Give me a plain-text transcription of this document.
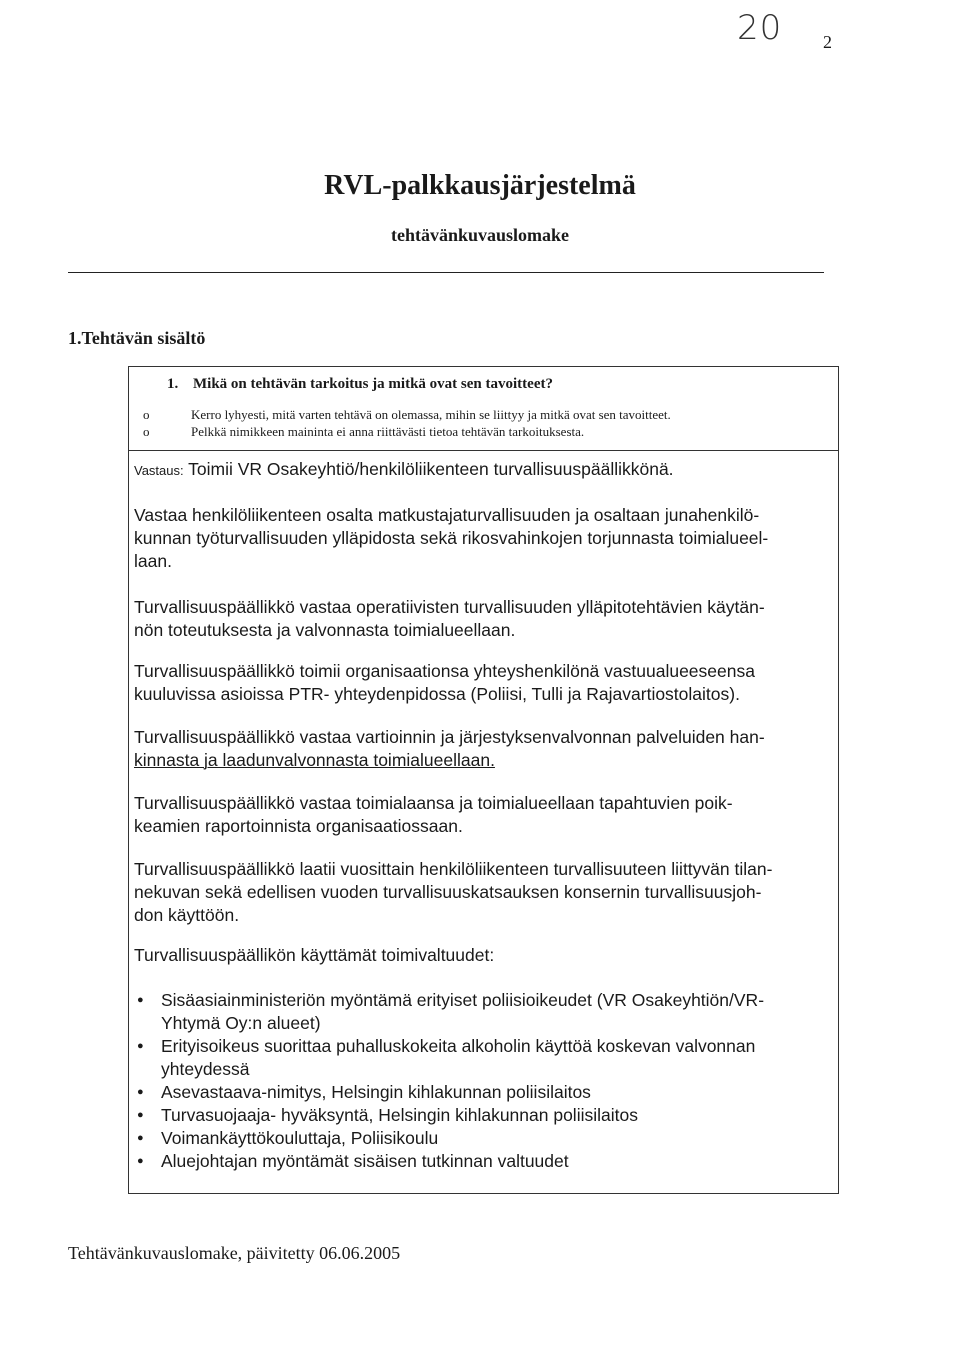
20 2
RVL-palkkausjärjestelmä
tehtävänkuvauslomake
1.Tehtävän sisältö
1. Mikä on tehtävän tarkoitus ja mitkä ovat sen tavoitteet?
o	Kerro lyhyesti, mitä varten tehtävä on olemassa, mihin se liittyy ja mitkä ovat sen tavoitteet.
o	Pelkkä nimikkeen maininta ei anna riittävästi tietoa tehtävän tarkoituksesta.
Vastaus: Toimii VR Osakeyhtiö/henkilöliikenteen turvallisuuspäällikkönä.

Vastaa henkilöliikenteen osalta matkustajaturvallisuuden ja osaltaan junahenkilö-
kunnan työturvallisuuden ylläpidosta sekä rikosvahinkojen torjunnasta toimialueel-
laan.

Turvallisuuspäällikkö vastaa operatiivisten turvallisuuden ylläpitotehtävien käytän-
nön toteutuksesta ja valvonnasta toimialueellaan.

Turvallisuuspäällikkö toimii organisaationsa yhteyshenkilönä vastuualueeseensa
kuuluvissa asioissa PTR- yhteydenpidossa (Poliisi, Tulli ja Rajavartiostolaitos).

Turvallisuuspäällikkö vastaa vartioinnin ja järjestyksenvalvonnan palveluiden han-
kinnasta ja laadunvalvonnasta toimialueellaan.

Turvallisuuspäällikkö vastaa toimialaansa ja toimialueellaan tapahtuvien poik-
keamien raportoinnista organisaatiossaan.

Turvallisuuspäällikkö laatii vuosittain henkilöliikenteen turvallisuuteen liittyvän tilan-
nekuvan sekä edellisen vuoden turvallisuuskatsauksen konsernin turvallisuusjoh-
don käyttöön.

Turvallisuuspäällikön käyttämät toimivaltuudet:

● Sisäasiainministeriön myöntämä erityiset poliisioikeudet (VR Osakeyhtiön/VR-
Yhtymä Oy:n alueet)
● Erityisoikeus suorittaa puhalluskokeita alkoholin käyttöä koskevan valvonnan
yhteydessä
● Asevastaava-nimitys, Helsingin kihlakunnan poliisilaitos
● Turvasuojaaja- hyväksyntä, Helsingin kihlakunnan poliisilaitos
● Voimankäyttökouluttaja, Poliisikoulu
● Aluejohtajan myöntämät sisäisen tutkinnan valtuudet
Tehtävänkuvauslomake, päivitetty 06.06.2005
